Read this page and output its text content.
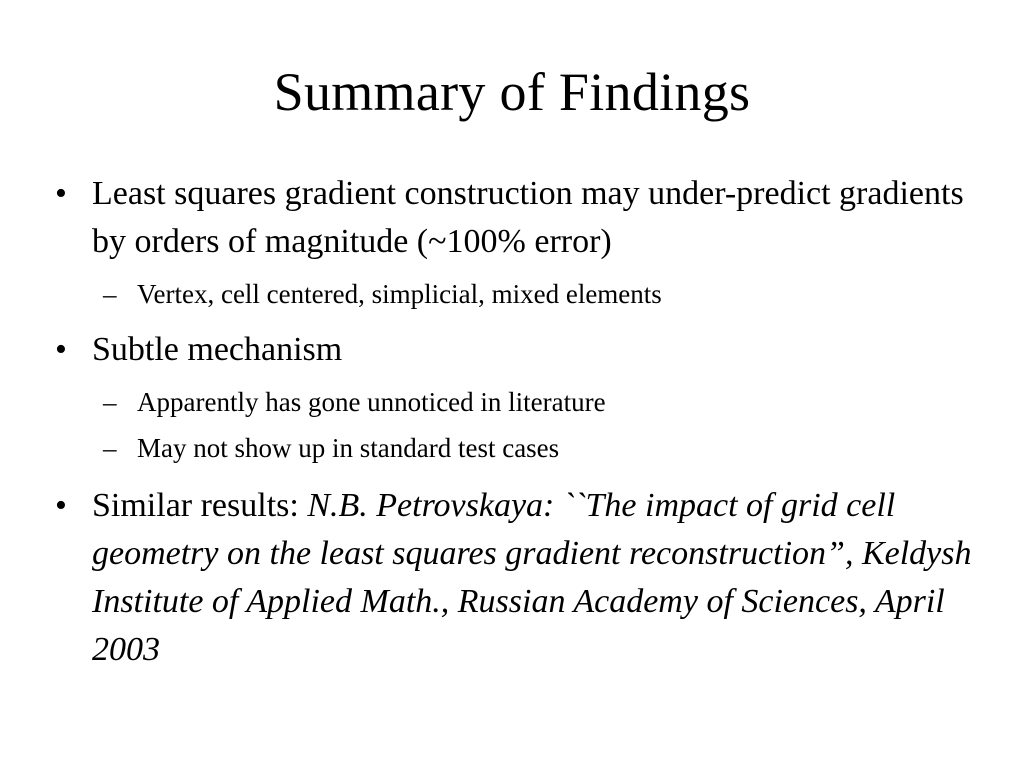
Summary of Findings
• Least squares gradient construction may under-predict gradients by orders of magnitude (~100% error)
– Vertex, cell centered, simplicial, mixed elements
• Subtle mechanism
– Apparently has gone unnoticed in literature
– May not show up in standard test cases
• Similar results: N.B. Petrovskaya: ``The impact of grid cell geometry on the least squares gradient reconstruction”, Keldysh Institute of Applied Math., Russian Academy of Sciences, April 2003
